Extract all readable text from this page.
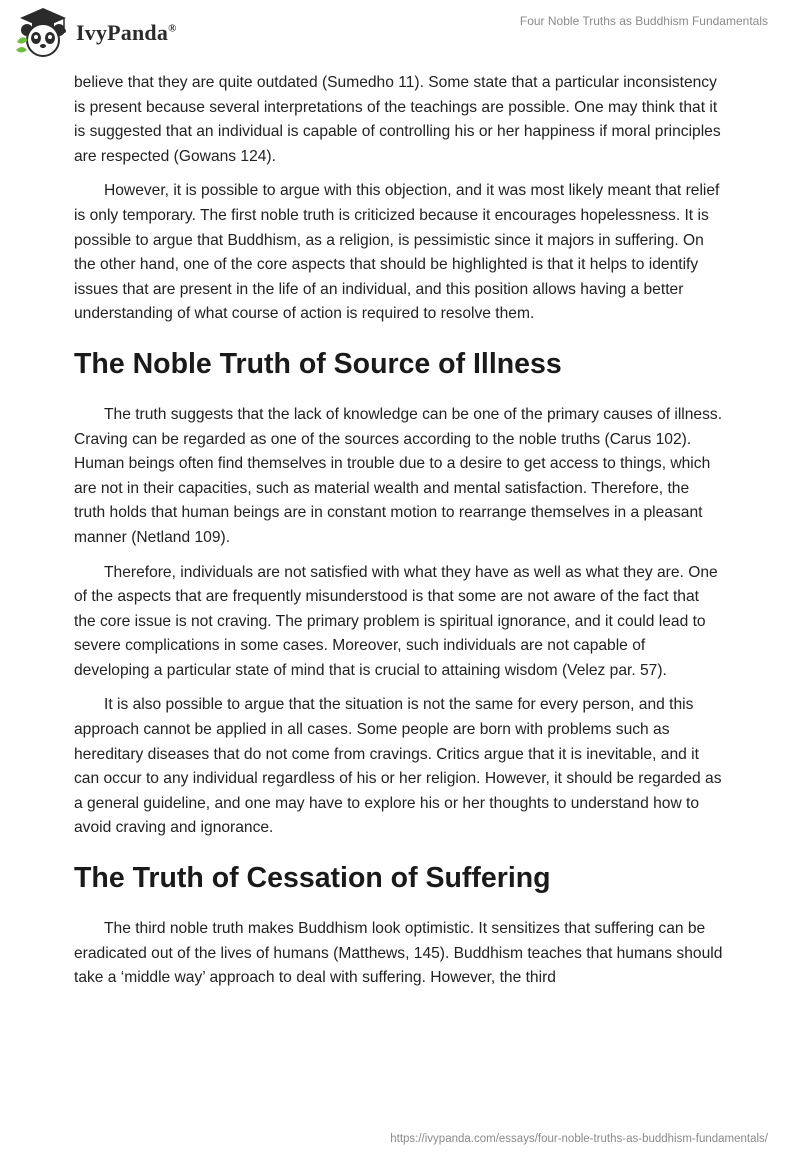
IvyPanda®
Four Noble Truths as Buddhism Fundamentals

believe that they are quite outdated (Sumedho 11). Some state that a particular inconsistency is present because several interpretations of the teachings are possible. One may think that it is suggested that an individual is capable of controlling his or her happiness if moral principles are respected (Gowans 124).

However, it is possible to argue with this objection, and it was most likely meant that relief is only temporary. The first noble truth is criticized because it encourages hopelessness. It is possible to argue that Buddhism, as a religion, is pessimistic since it majors in suffering. On the other hand, one of the core aspects that should be highlighted is that it helps to identify issues that are present in the life of an individual, and this position allows having a better understanding of what course of action is required to resolve them.

The Noble Truth of Source of Illness

The truth suggests that the lack of knowledge can be one of the primary causes of illness. Craving can be regarded as one of the sources according to the noble truths (Carus 102). Human beings often find themselves in trouble due to a desire to get access to things, which are not in their capacities, such as material wealth and mental satisfaction. Therefore, the truth holds that human beings are in constant motion to rearrange themselves in a pleasant manner (Netland 109).

Therefore, individuals are not satisfied with what they have as well as what they are. One of the aspects that are frequently misunderstood is that some are not aware of the fact that the core issue is not craving. The primary problem is spiritual ignorance, and it could lead to severe complications in some cases. Moreover, such individuals are not capable of developing a particular state of mind that is crucial to attaining wisdom (Velez par. 57).

It is also possible to argue that the situation is not the same for every person, and this approach cannot be applied in all cases. Some people are born with problems such as hereditary diseases that do not come from cravings. Critics argue that it is inevitable, and it can occur to any individual regardless of his or her religion. However, it should be regarded as a general guideline, and one may have to explore his or her thoughts to understand how to avoid craving and ignorance.

The Truth of Cessation of Suffering

The third noble truth makes Buddhism look optimistic. It sensitizes that suffering can be eradicated out of the lives of humans (Matthews, 145). Buddhism teaches that humans should take a ‘middle way’ approach to deal with suffering. However, the third

https://ivypanda.com/essays/four-noble-truths-as-buddhism-fundamentals/
